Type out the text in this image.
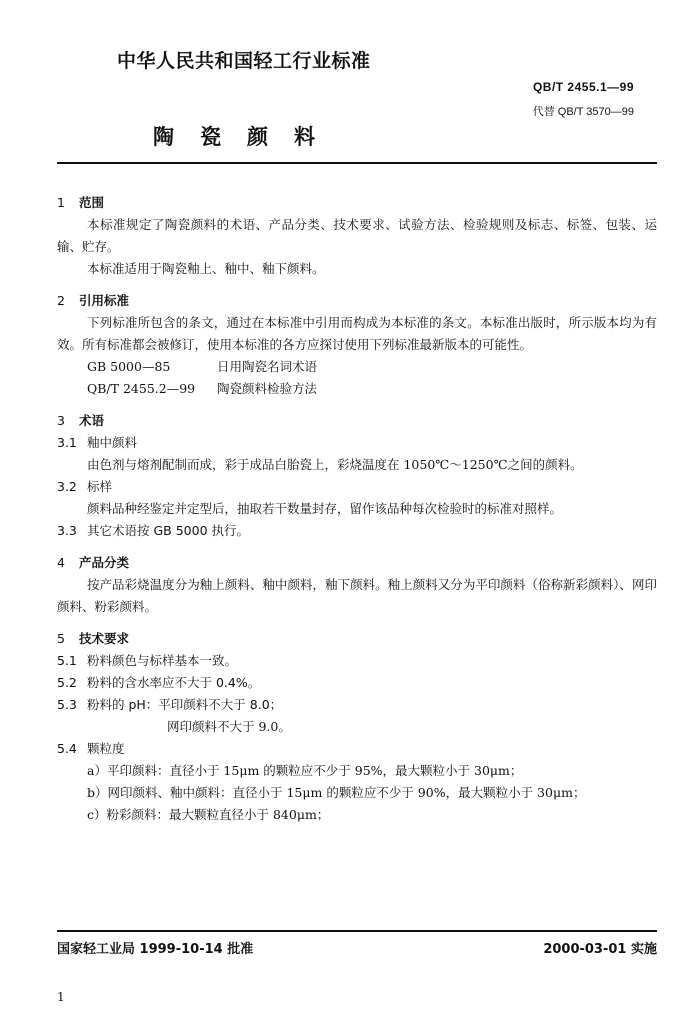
中华人民共和国轻工行业标准
QB/T 2455.1—99
代替 QB/T 3570—99
陶瓷颜料
1 范围
本标准规定了陶瓷颜料的术语、产品分类、技术要求、试验方法、检验规则及标志、标签、包装、运输、贮存。
本标准适用于陶瓷釉上、釉中、釉下颜料。
2 引用标准
下列标准所包含的条文，通过在本标准中引用而构成为本标准的条文。本标准出版时，所示版本均为有效。所有标准都会被修订，使用本标准的各方应探讨使用下列标准最新版本的可能性。
GB 5000—85	日用陶瓷名词术语
QB/T 2455.2—99 陶瓷颜料检验方法
3 术语
3.1 釉中颜料
由色剂与熔剂配制而成，彩于成品白胎瓷上，彩烧温度在 1050℃～1250℃之间的颜料。
3.2 标样
颜料品种经鉴定并定型后，抽取若干数量封存，留作该品种每次检验时的标准对照样。
3.3 其它术语按 GB 5000 执行。
4 产品分类
按产品彩烧温度分为釉上颜料、釉中颜料，釉下颜料。釉上颜料又分为平印颜料（俗称新彩颜料）、网印颜料、粉彩颜料。
5 技术要求
5.1 粉料颜色与标样基本一致。
5.2 粉料的含水率应不大于 0.4%。
5.3 粉料的 pH：平印颜料不大于 8.0；
网印颜料不大于 9.0。
5.4 颗粒度
a）平印颜料：直径小于 15μm 的颗粒应不少于 95%，最大颗粒小于 30μm；
b）网印颜料、釉中颜料：直径小于 15μm 的颗粒应不少于 90%，最大颗粒小于 30μm；
c）粉彩颜料：最大颗粒直径小于 840μm；
国家轻工业局 1999-10-14 批准	2000-03-01 实施
1
